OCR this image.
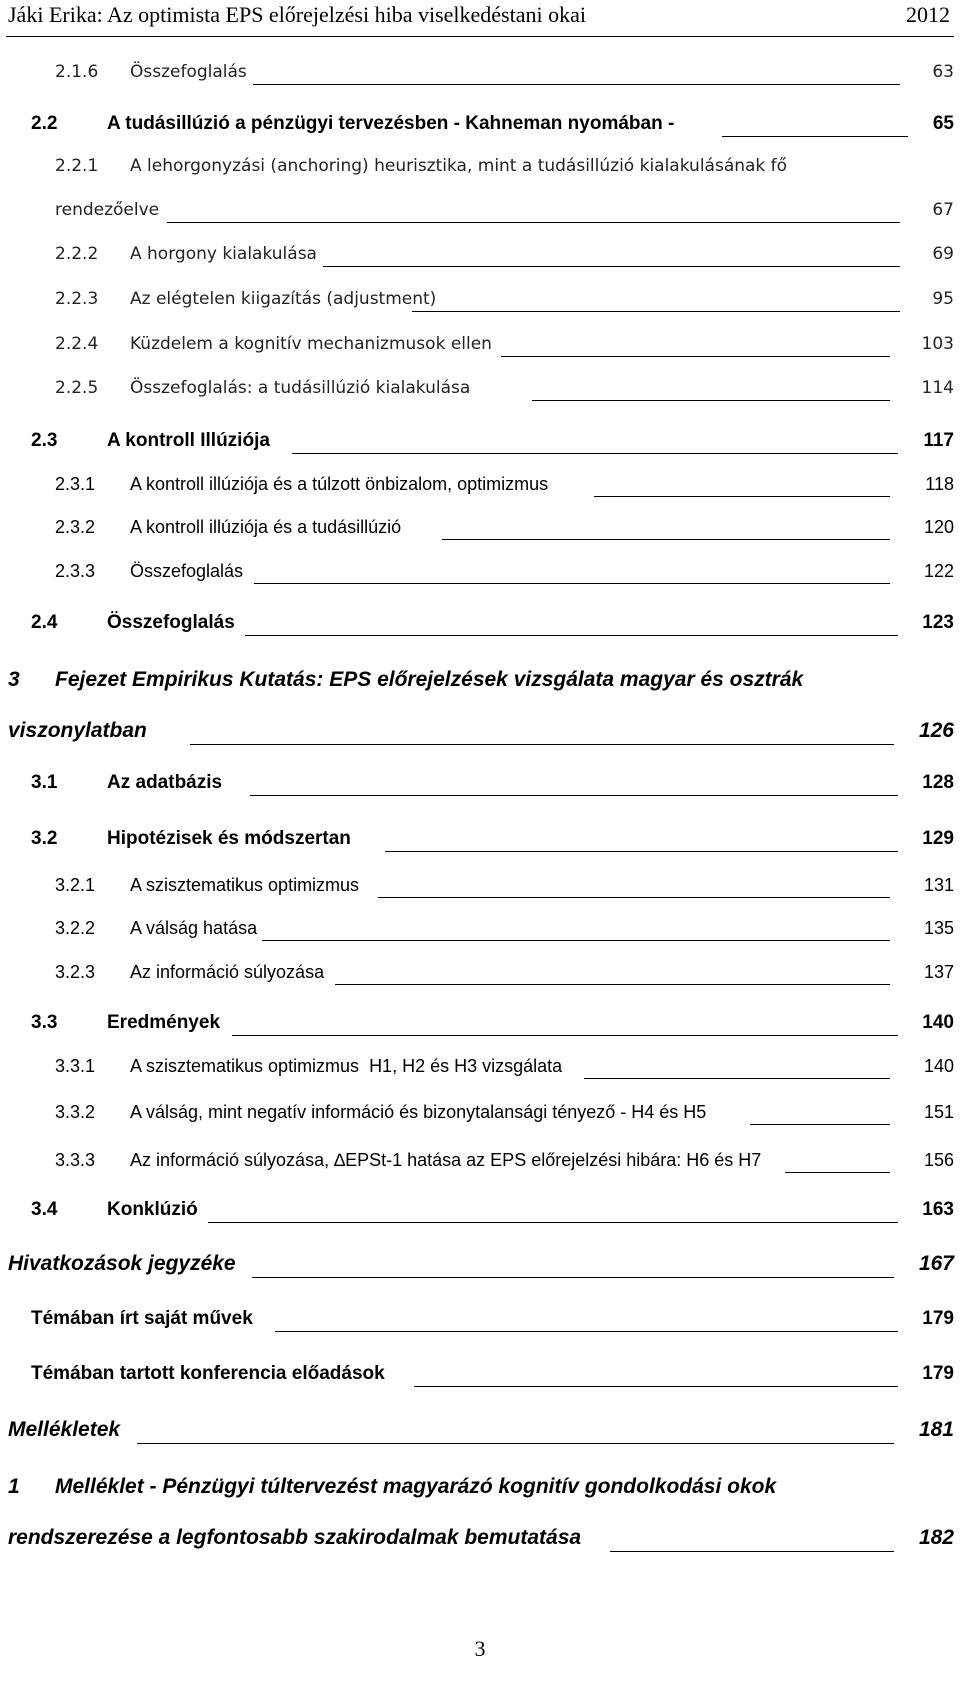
Jáki Erika: Az optimista EPS előrejelzési hiba viselkedéstani okai	2012
2.1.6 Összefoglalás	63
2.2	A tudásillúzió a pénzügyi tervezésben - Kahneman nyomában -	65
2.2.1 A lehorgonyzási (anchoring) heurisztika, mint a tudásillúzió kialakulásának fő
rendezőelve	67
2.2.2 A horgony kialakulása	69
2.2.3 Az elégtelen kiigazítás (adjustment)	95
2.2.4 Küzdelem a kognitív mechanizmusok ellen	103
2.2.5 Összefoglalás: a tudásillúzió kialakulása	114
2.3	A kontroll Illúziója	117
2.3.1 A kontroll illúziója és a túlzott önbizalom, optimizmus	118
2.3.2 A kontroll illúziója és a tudásillúzió	120
2.3.3 Összefoglalás	122
2.4	Összefoglalás	123
3 Fejezet Empirikus Kutatás: EPS előrejelzések vizsgálata magyar és osztrák
viszonylatban	126
3.1	Az adatbázis	128
3.2	Hipotézisek és módszertan	129
3.2.1 A szisztematikus optimizmus	131
3.2.2 A válság hatása	135
3.2.3 Az információ súlyozása	137
3.3	Eredmények	140
3.3.1 A szisztematikus optimizmus  H1, H2 és H3 vizsgálata	140
3.3.2 A válság, mint negatív információ és bizonytalansági tényező - H4 és H5	151
3.3.3 Az információ súlyozása, ∆EPSt-1 hatása az EPS előrejelzési hibára: H6 és H7	156
3.4	Konklúzió	163
Hivatkozások jegyzéke	167
Témában írt saját művek	179
Témában tartott konferencia előadások	179
Mellékletek	181
1 Melléklet - Pénzügyi túltervezést magyarázó kognitív gondolkodási okok
rendszerezése a legfontosabb szakirodalmak bemutatása	182
3
